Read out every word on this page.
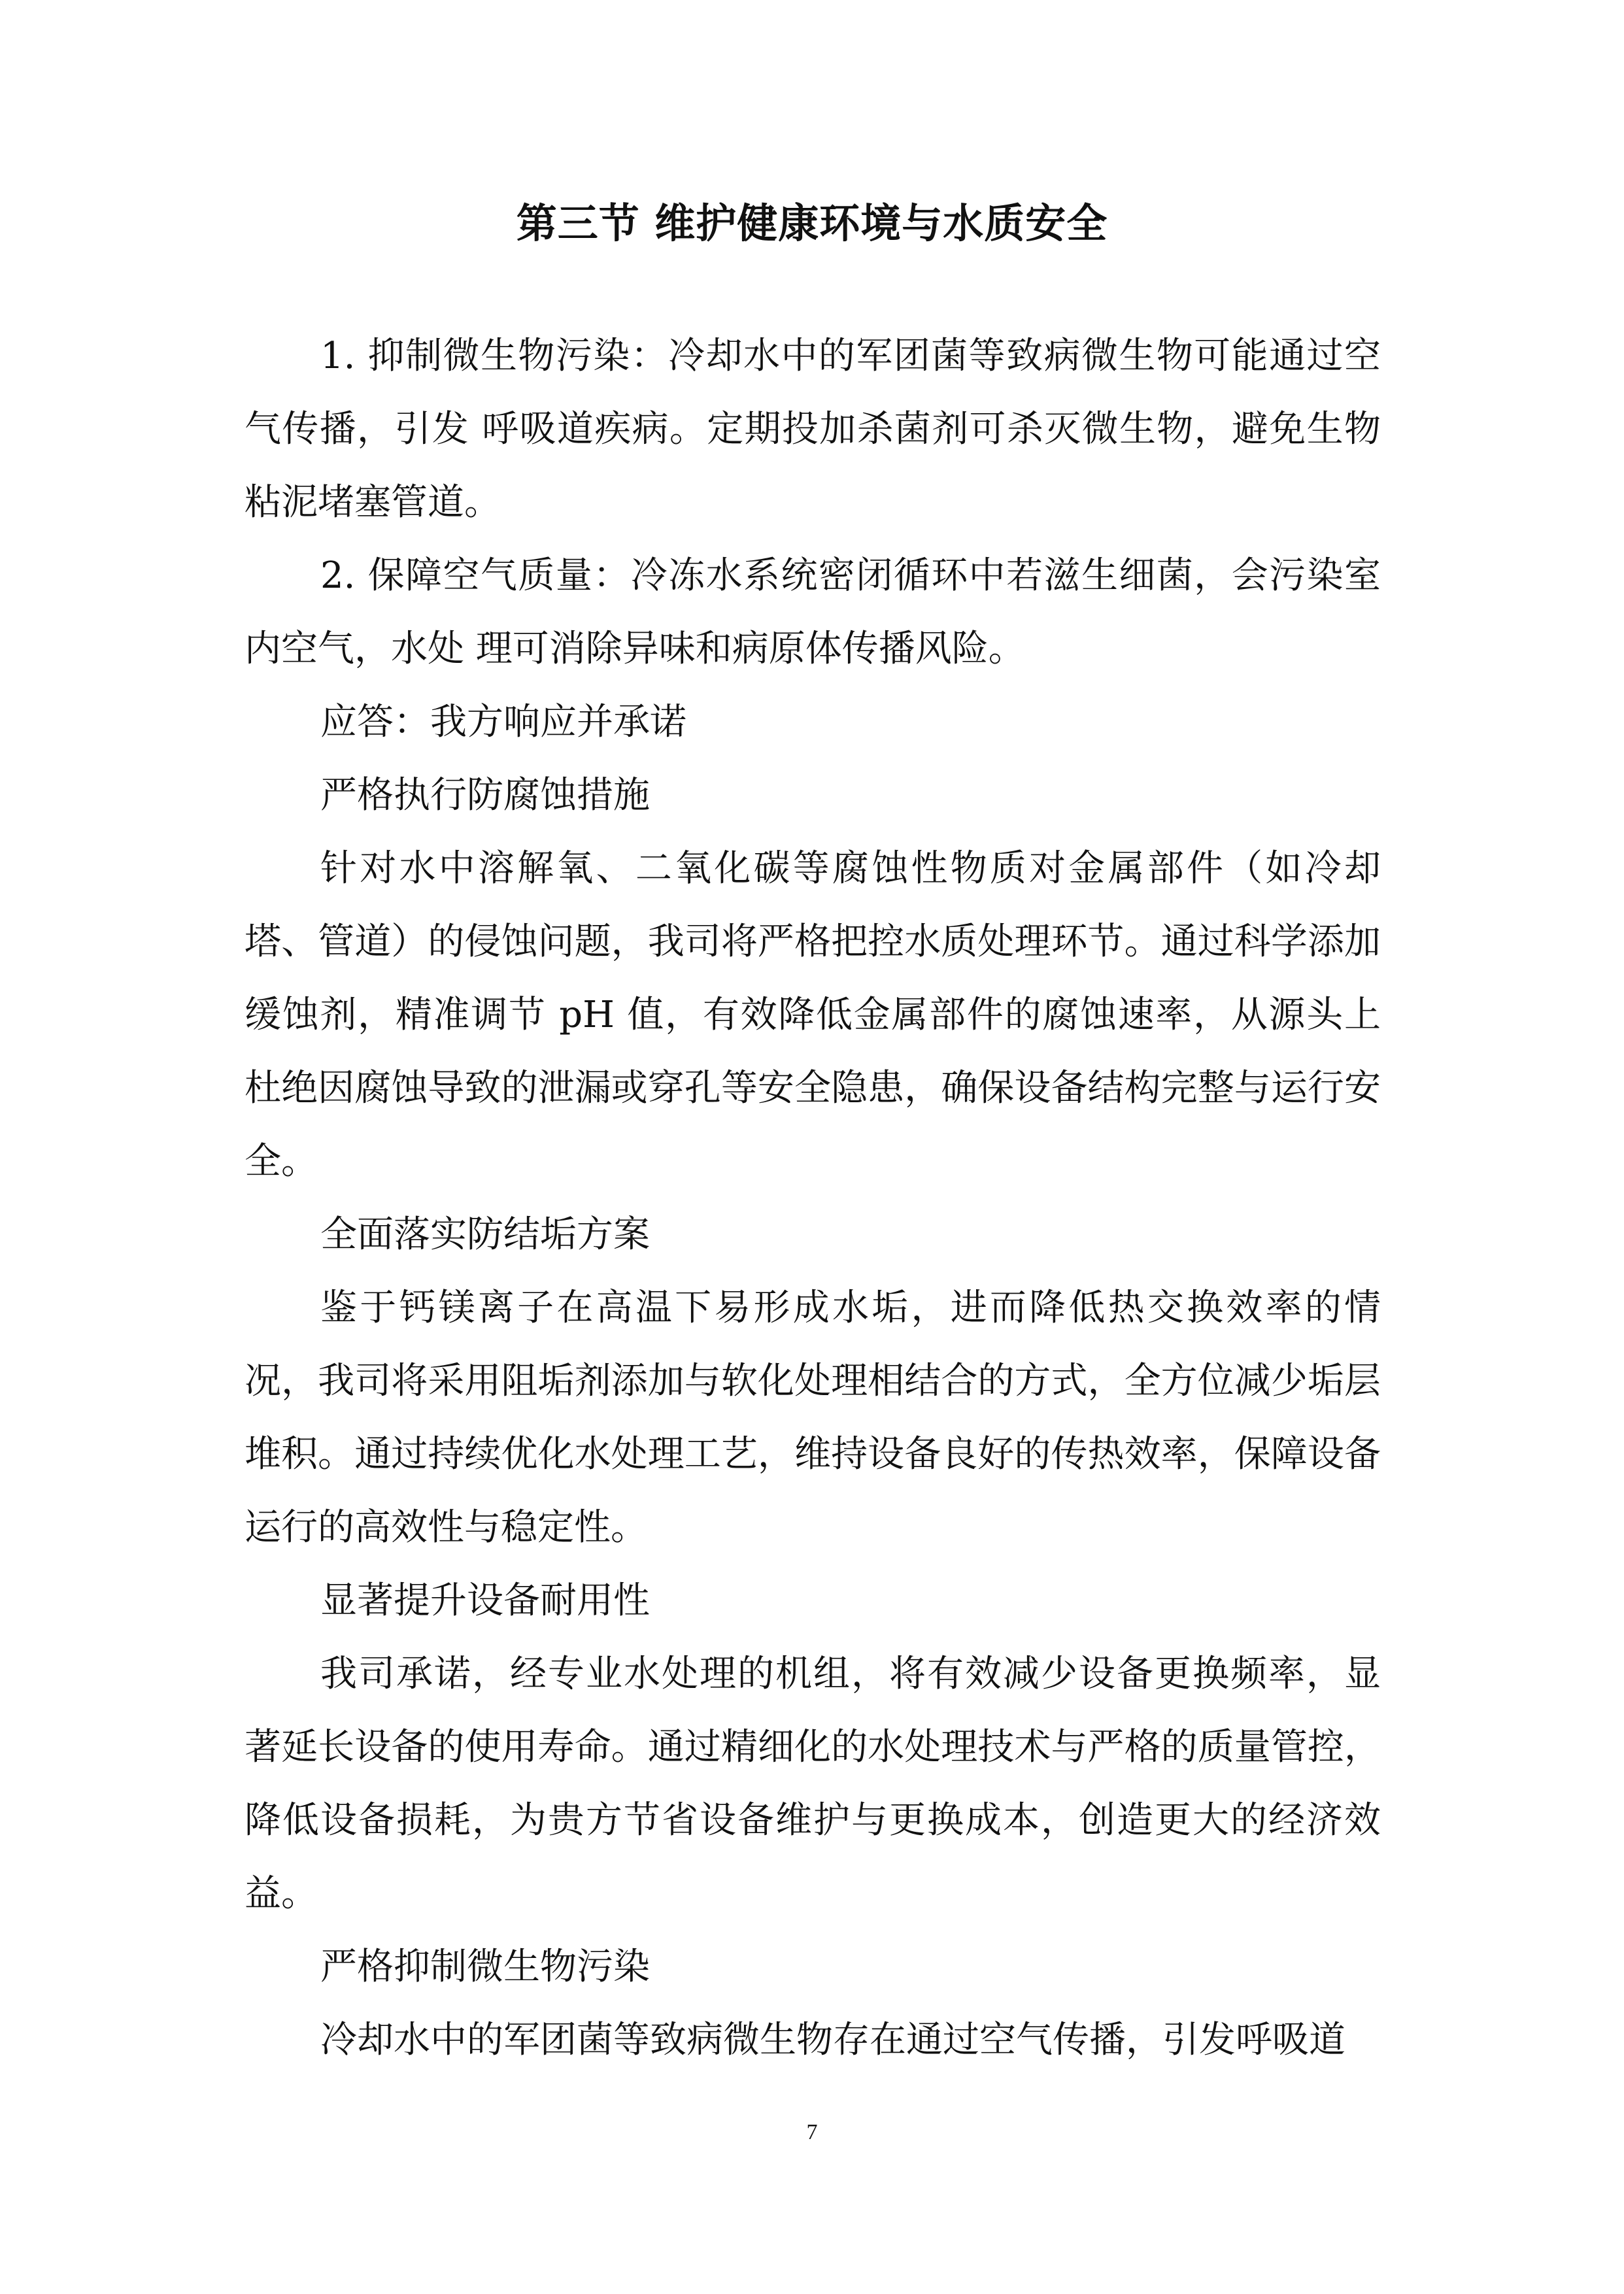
第三节 维护健康环境与水质安全

1. 抑制微生物污染：冷却水中的军团菌等致病微生物可能通过空气传播，引发 呼吸道疾病。定期投加杀菌剂可杀灭微生物，避免生物粘泥堵塞管道。

2. 保障空气质量：冷冻水系统密闭循环中若滋生细菌，会污染室内空气，水处 理可消除异味和病原体传播风险。

应答：我方响应并承诺

严格执行防腐蚀措施

针对水中溶解氧、二氧化碳等腐蚀性物质对金属部件（如冷却塔、管道）的侵蚀问题，我司将严格把控水质处理环节。通过科学添加缓蚀剂，精准调节 pH 值，有效降低金属部件的腐蚀速率，从源头上杜绝因腐蚀导致的泄漏或穿孔等安全隐患，确保设备结构完整与运行安全。

全面落实防结垢方案

鉴于钙镁离子在高温下易形成水垢，进而降低热交换效率的情况，我司将采用阻垢剂添加与软化处理相结合的方式，全方位减少垢层堆积。通过持续优化水处理工艺，维持设备良好的传热效率，保障设备运行的高效性与稳定性。

显著提升设备耐用性

我司承诺，经专业水处理的机组，将有效减少设备更换频率，显著延长设备的使用寿命。通过精细化的水处理技术与严格的质量管控，降低设备损耗，为贵方节省设备维护与更换成本，创造更大的经济效益。

严格抑制微生物污染

冷却水中的军团菌等致病微生物存在通过空气传播，引发呼吸道

7
